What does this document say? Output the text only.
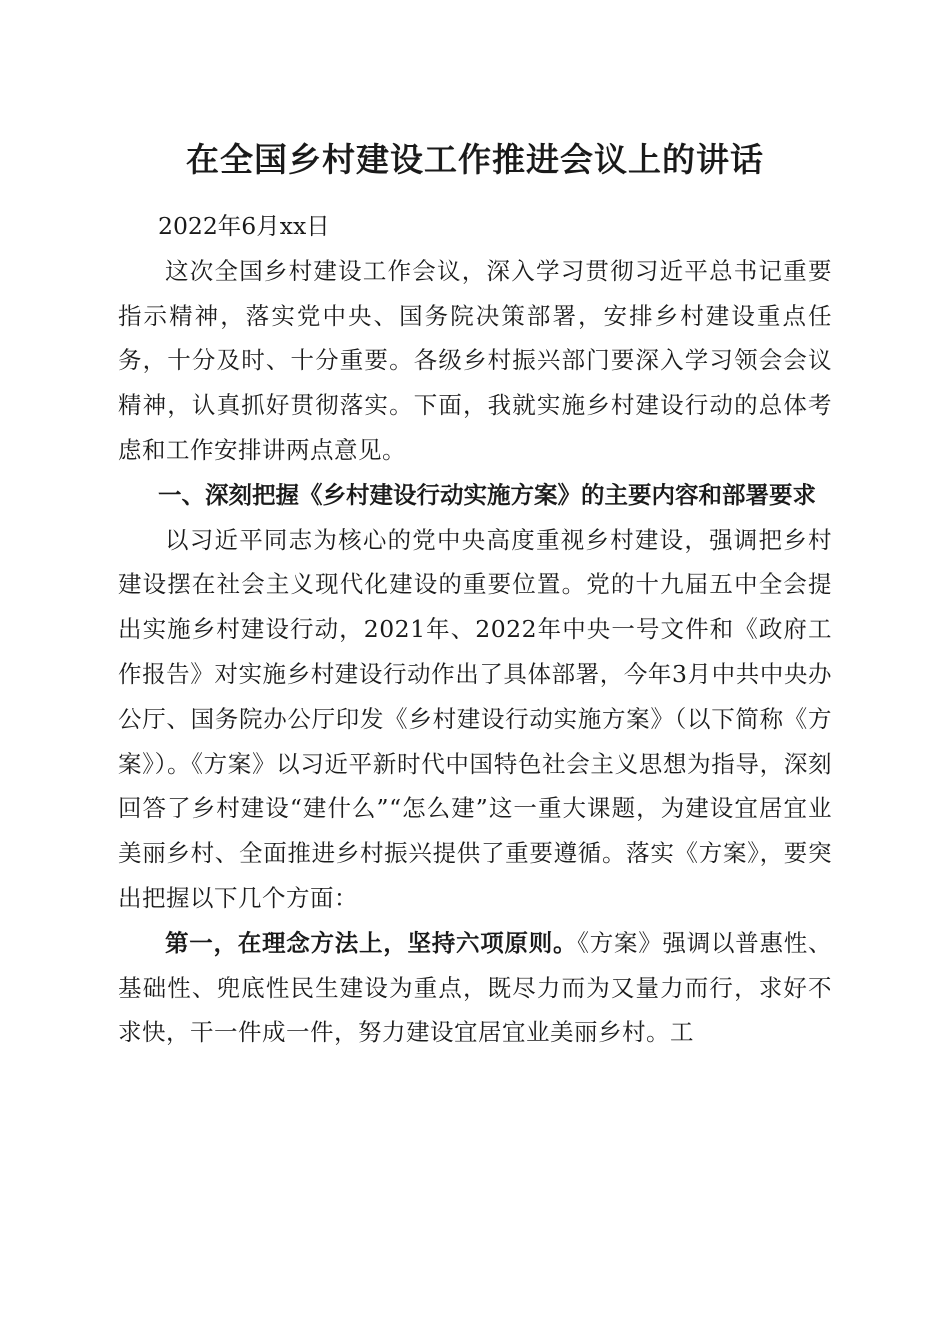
在全国乡村建设工作推进会议上的讲话

2022年6月xx日

这次全国乡村建设工作会议，深入学习贯彻习近平总书记重要指示精神，落实党中央、国务院决策部署，安排乡村建设重点任务，十分及时、十分重要。各级乡村振兴部门要深入学习领会会议精神，认真抓好贯彻落实。下面，我就实施乡村建设行动的总体考虑和工作安排讲两点意见。

一、深刻把握《乡村建设行动实施方案》的主要内容和部署要求

以习近平同志为核心的党中央高度重视乡村建设，强调把乡村建设摆在社会主义现代化建设的重要位置。党的十九届五中全会提出实施乡村建设行动，2021年、2022年中央一号文件和《政府工作报告》对实施乡村建设行动作出了具体部署，今年3月中共中央办公厅、国务院办公厅印发《乡村建设行动实施方案》（以下简称《方案》）。《方案》以习近平新时代中国特色社会主义思想为指导，深刻回答了乡村建设“建什么”“怎么建”这一重大课题，为建设宜居宜业美丽乡村、全面推进乡村振兴提供了重要遵循。落实《方案》，要突出把握以下几个方面：

第一，在理念方法上，坚持六项原则。《方案》强调以普惠性、基础性、兜底性民生建设为重点，既尽力而为又量力而行，求好不求快，干一件成一件，努力建设宜居宜业美丽乡村。工
